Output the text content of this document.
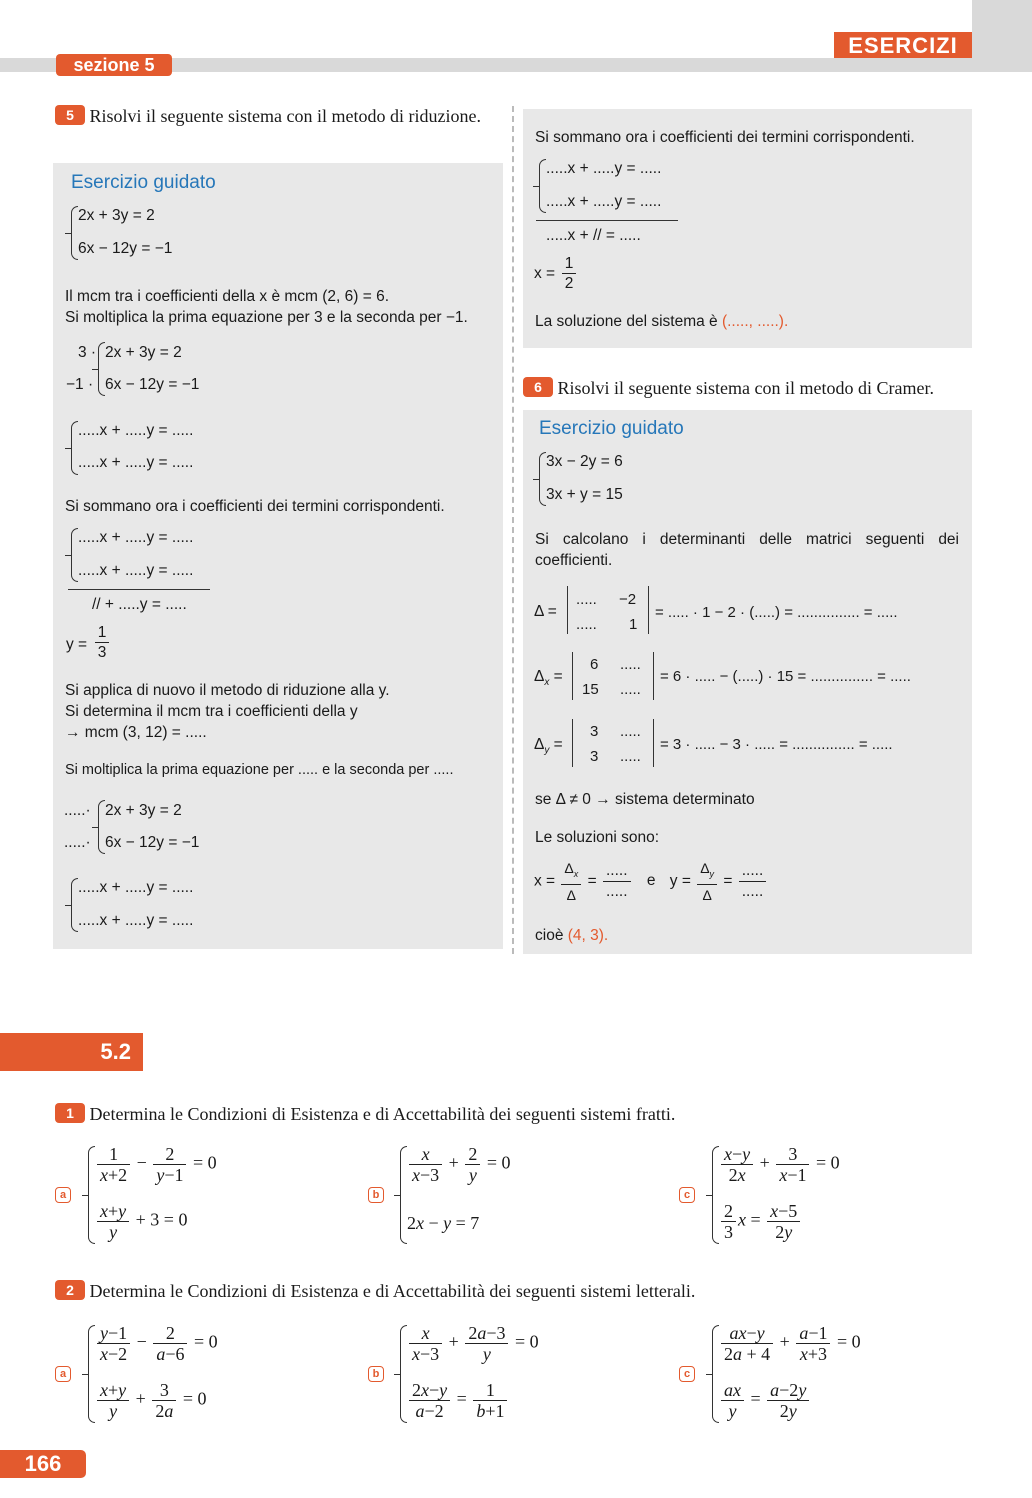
ESERCIZI
sezione 5
5 Risolvi il seguente sistema con il metodo di riduzione.
Esercizio guidato
2x + 3y = 2
6x − 12y = −1
Il mcm tra i coefficienti della x è mcm (2, 6) = 6.
Si moltiplica la prima equazione per 3 e la seconda per −1.
3 ·
−1 ·
2x + 3y = 2
6x − 12y = −1
.....x + .....y = .....
.....x + .....y = .....
Si sommano ora i coefficienti dei termini corrispondenti.
.....x + .....y = .....
.....x + .....y = .....
// + .....y = .....
$y = \frac{1}{3}$
Si applica di nuovo il metodo di riduzione alla y.
Si determina il mcm tra i coefficienti della y
→ mcm (3, 12) = .....
Si moltiplica la prima equazione per ..... e la seconda per .....
.....·
.....·
2x + 3y = 2
6x − 12y = −1
.....x + .....y = .....
.....x + .....y = .....
Si sommano ora i coefficienti dei termini corrispondenti.
.....x + .....y = .....
.....x + .....y = .....
.....x + // = .....
$x = \frac{1}{2}$
La soluzione del sistema è (....., .....).
6 Risolvi il seguente sistema con il metodo di Cramer.
Esercizio guidato
3x − 2y = 6
3x + y = 15
Si calcolano i determinanti delle matrici seguenti dei coefficienti.
Δ =
..... −2
..... 1
= ..... · 1 − 2 · (.....) = ............... = .....
$\Delta_x$ =
6 .....
15 .....
= 6 · ..... − (.....) · 15 = ............... = .....
$\Delta_y$ =
3 .....
3 .....
= 3 · ..... − 3 · ..... = ............... = .....
se Δ ≠ 0 → sistema determinato
Le soluzioni sono:
$x = \frac{\Delta_x}{\Delta} = \frac{.....}{.....}$ e $y = \frac{\Delta_y}{\Delta} = \frac{.....}{.....}$
cioè (4, 3).
5.2
1 Determina le Condizioni di Esistenza e di Accettabilità dei seguenti sistemi fratti.
a
$\frac{1}{x+2} - \frac{2}{y-1} = 0$
$\frac{x+y}{y} + 3 = 0$
b
$\frac{x}{x-3} + \frac{2}{y} = 0$
2x − y = 7
c
$\frac{x-y}{2x} + \frac{3}{x-1} = 0$
$\frac{2}{3}$ $x = \frac{x-5}{2y}$
2 Determina le Condizioni di Esistenza e di Accettabilità dei seguenti sistemi letterali.
a
$\frac{y-1}{x-2} - \frac{2}{a-6} = 0$
$\frac{x+y}{y} + \frac{3}{2a} = 0$
b
$\frac{x}{x-3} + \frac{2a-3}{y} = 0$
$\frac{2x-y}{a-2} = \frac{1}{b+1}$
c
$\frac{ax-y}{2a + 4} + \frac{a-1}{x+3} = 0$
$\frac{ax}{y} = \frac{a-2y}{2y}$
166
